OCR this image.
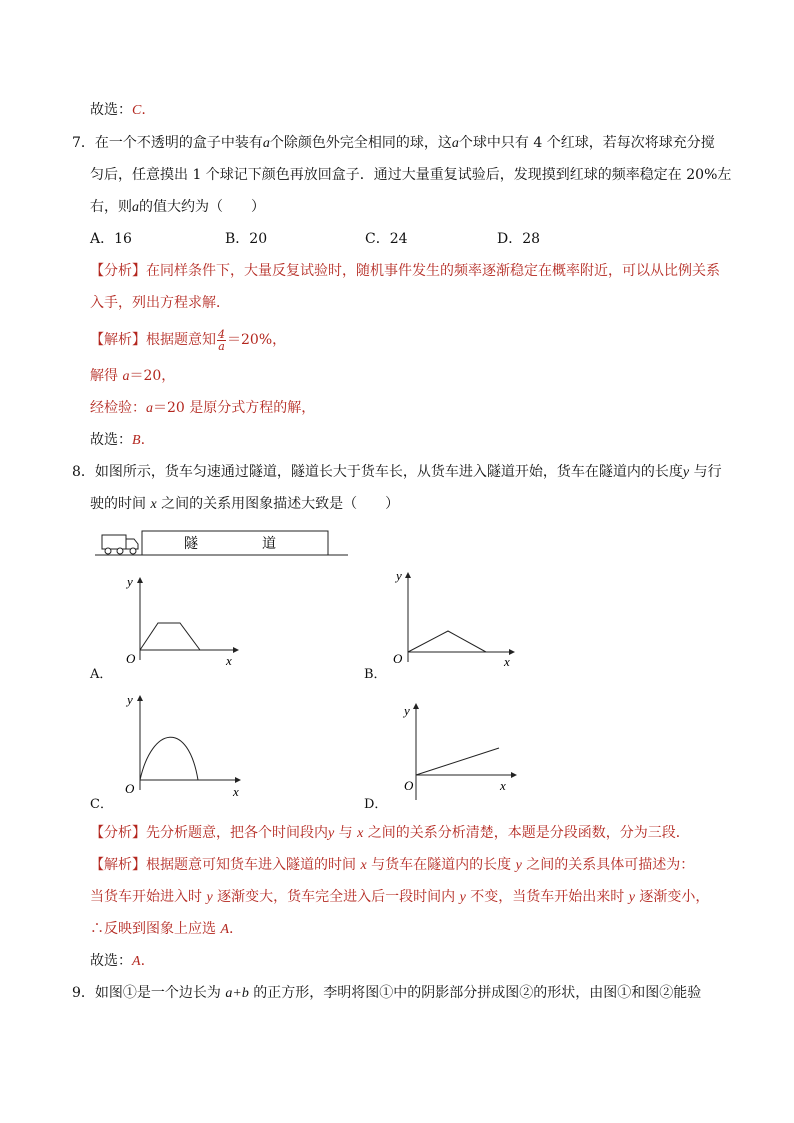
故选：C.
7．在一个不透明的盒子中装有a个除颜色外完全相同的球，这a个球中只有 4 个红球，若每次将球充分搅
匀后，任意摸出 1 个球记下颜色再放回盒子．通过大量重复试验后，发现摸到红球的频率稳定在 20%左
右，则a的值大约为（　　）
A．16	B．20	C．24	D．28
【分析】在同样条件下，大量反复试验时，随机事件发生的频率逐渐稳定在概率附近，可以从比例关系
入手，列出方程求解．
【解析】根据题意知 $\frac{4}{a} =20\%$，
解得 a＝20，
经检验：a＝20 是原分式方程的解，
故选：B.
8．如图所示，货车匀速通过隧道，隧道长大于货车长，从货车进入隧道开始，货车在隧道内的长度y 与行
驶的时间 x 之间的关系用图象描述大致是（　　）
隧	道
y
x
O
A．
y
x
O
B．
y
x
O
C．
y
x
O
D．
【分析】先分析题意，把各个时间段内y 与 x 之间的关系分析清楚，本题是分段函数，分为三段．
【解析】根据题意可知货车进入隧道的时间 x 与货车在隧道内的长度 y 之间的关系具体可描述为：
当货车开始进入时 y 逐渐变大，货车完全进入后一段时间内 y 不变，当货车开始出来时 y 逐渐变小，
∴反映到图象上应选 A.
故选：A.
9．如图①是一个边长为 a+b 的正方形，李明将图①中的阴影部分拼成图②的形状，由图①和图②能验
